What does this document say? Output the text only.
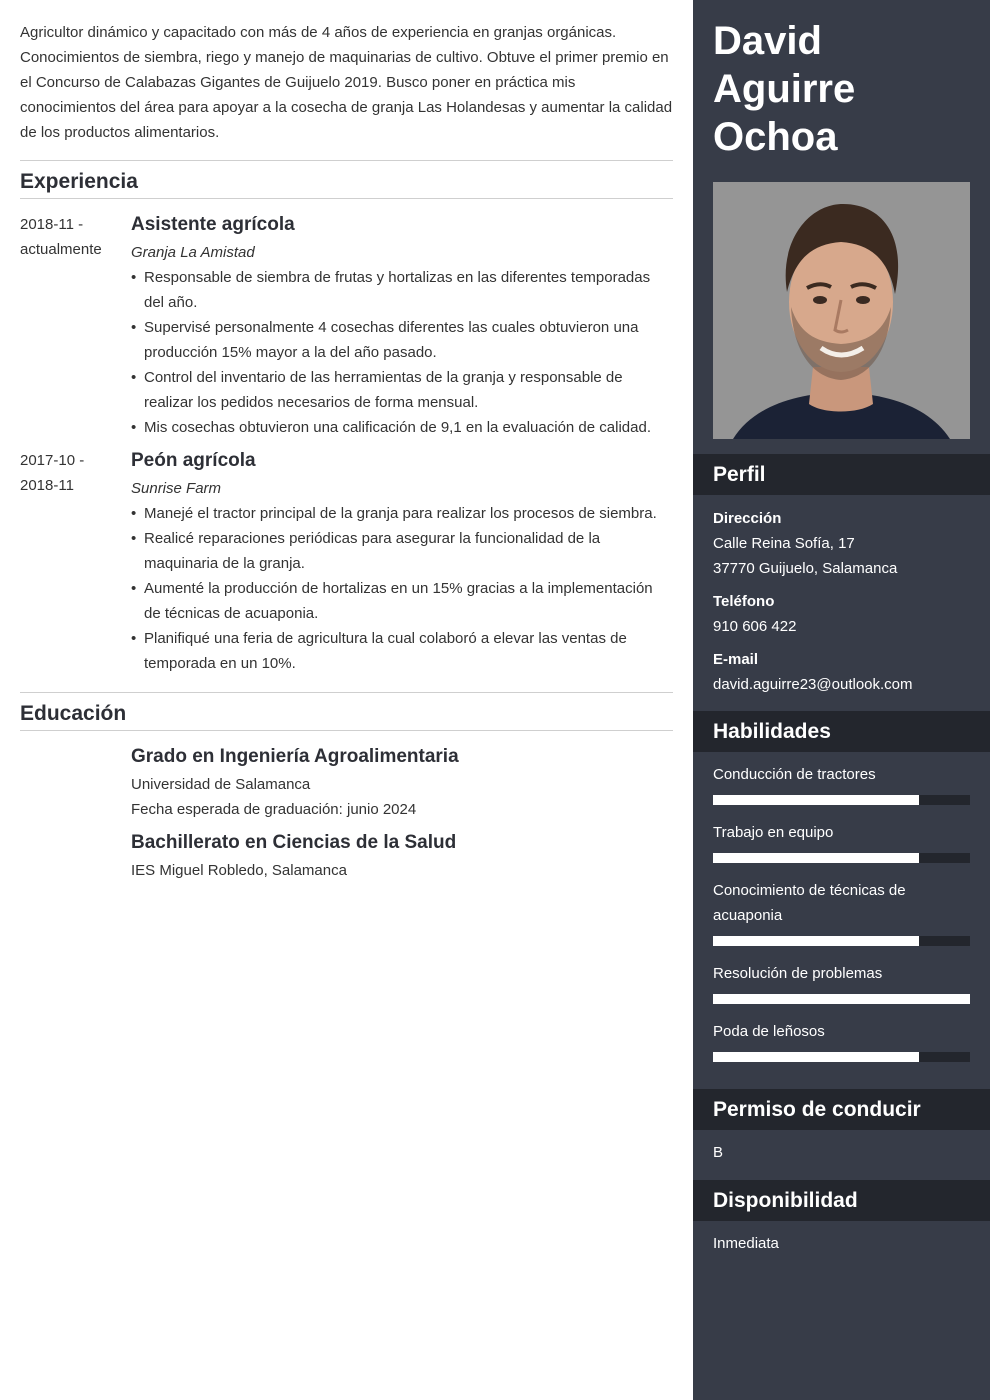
Agricultor dinámico y capacitado con más de 4 años de experiencia en granjas orgánicas. Conocimientos de siembra, riego y manejo de maquinarias de cultivo. Obtuve el primer premio en el Concurso de Calabazas Gigantes de Guijuelo 2019. Busco poner en práctica mis conocimientos del área para apoyar a la cosecha de granja Las Holandesas y aumentar la calidad de los productos alimentarios.

Experiencia
2018-11 -
actualmente
Asistente agrícola
Granja La Amistad
• Responsable de siembra de frutas y hortalizas en las diferentes temporadas del año.
• Supervisé personalmente 4 cosechas diferentes las cuales obtuvieron una producción 15% mayor a la del año pasado.
• Control del inventario de las herramientas de la granja y responsable de realizar los pedidos necesarios de forma mensual.
• Mis cosechas obtuvieron una calificación de 9,1 en la evaluación de calidad.
2017-10 -
2018-11
Peón agrícola
Sunrise Farm
• Manejé el tractor principal de la granja para realizar los procesos de siembra.
• Realicé reparaciones periódicas para asegurar la funcionalidad de la maquinaria de la granja.
• Aumenté la producción de hortalizas en un 15% gracias a la implementación de técnicas de acuaponia.
• Planifiqué una feria de agricultura la cual colaboró a elevar las ventas de temporada en un 10%.
Educación
Grado en Ingeniería Agroalimentaria
Universidad de Salamanca
Fecha esperada de graduación: junio 2024
Bachillerato en Ciencias de la Salud
IES Miguel Robledo, Salamanca
David
Aguirre
Ochoa
Perfil
Dirección
Calle Reina Sofía, 17
37770 Guijuelo, Salamanca
Teléfono
910 606 422
E-mail
david.aguirre23@outlook.com
Habilidades
Conducción de tractores
Trabajo en equipo
Conocimiento de técnicas de acuaponia
Resolución de problemas
Poda de leñosos
Permiso de conducir
B
Disponibilidad
Inmediata
